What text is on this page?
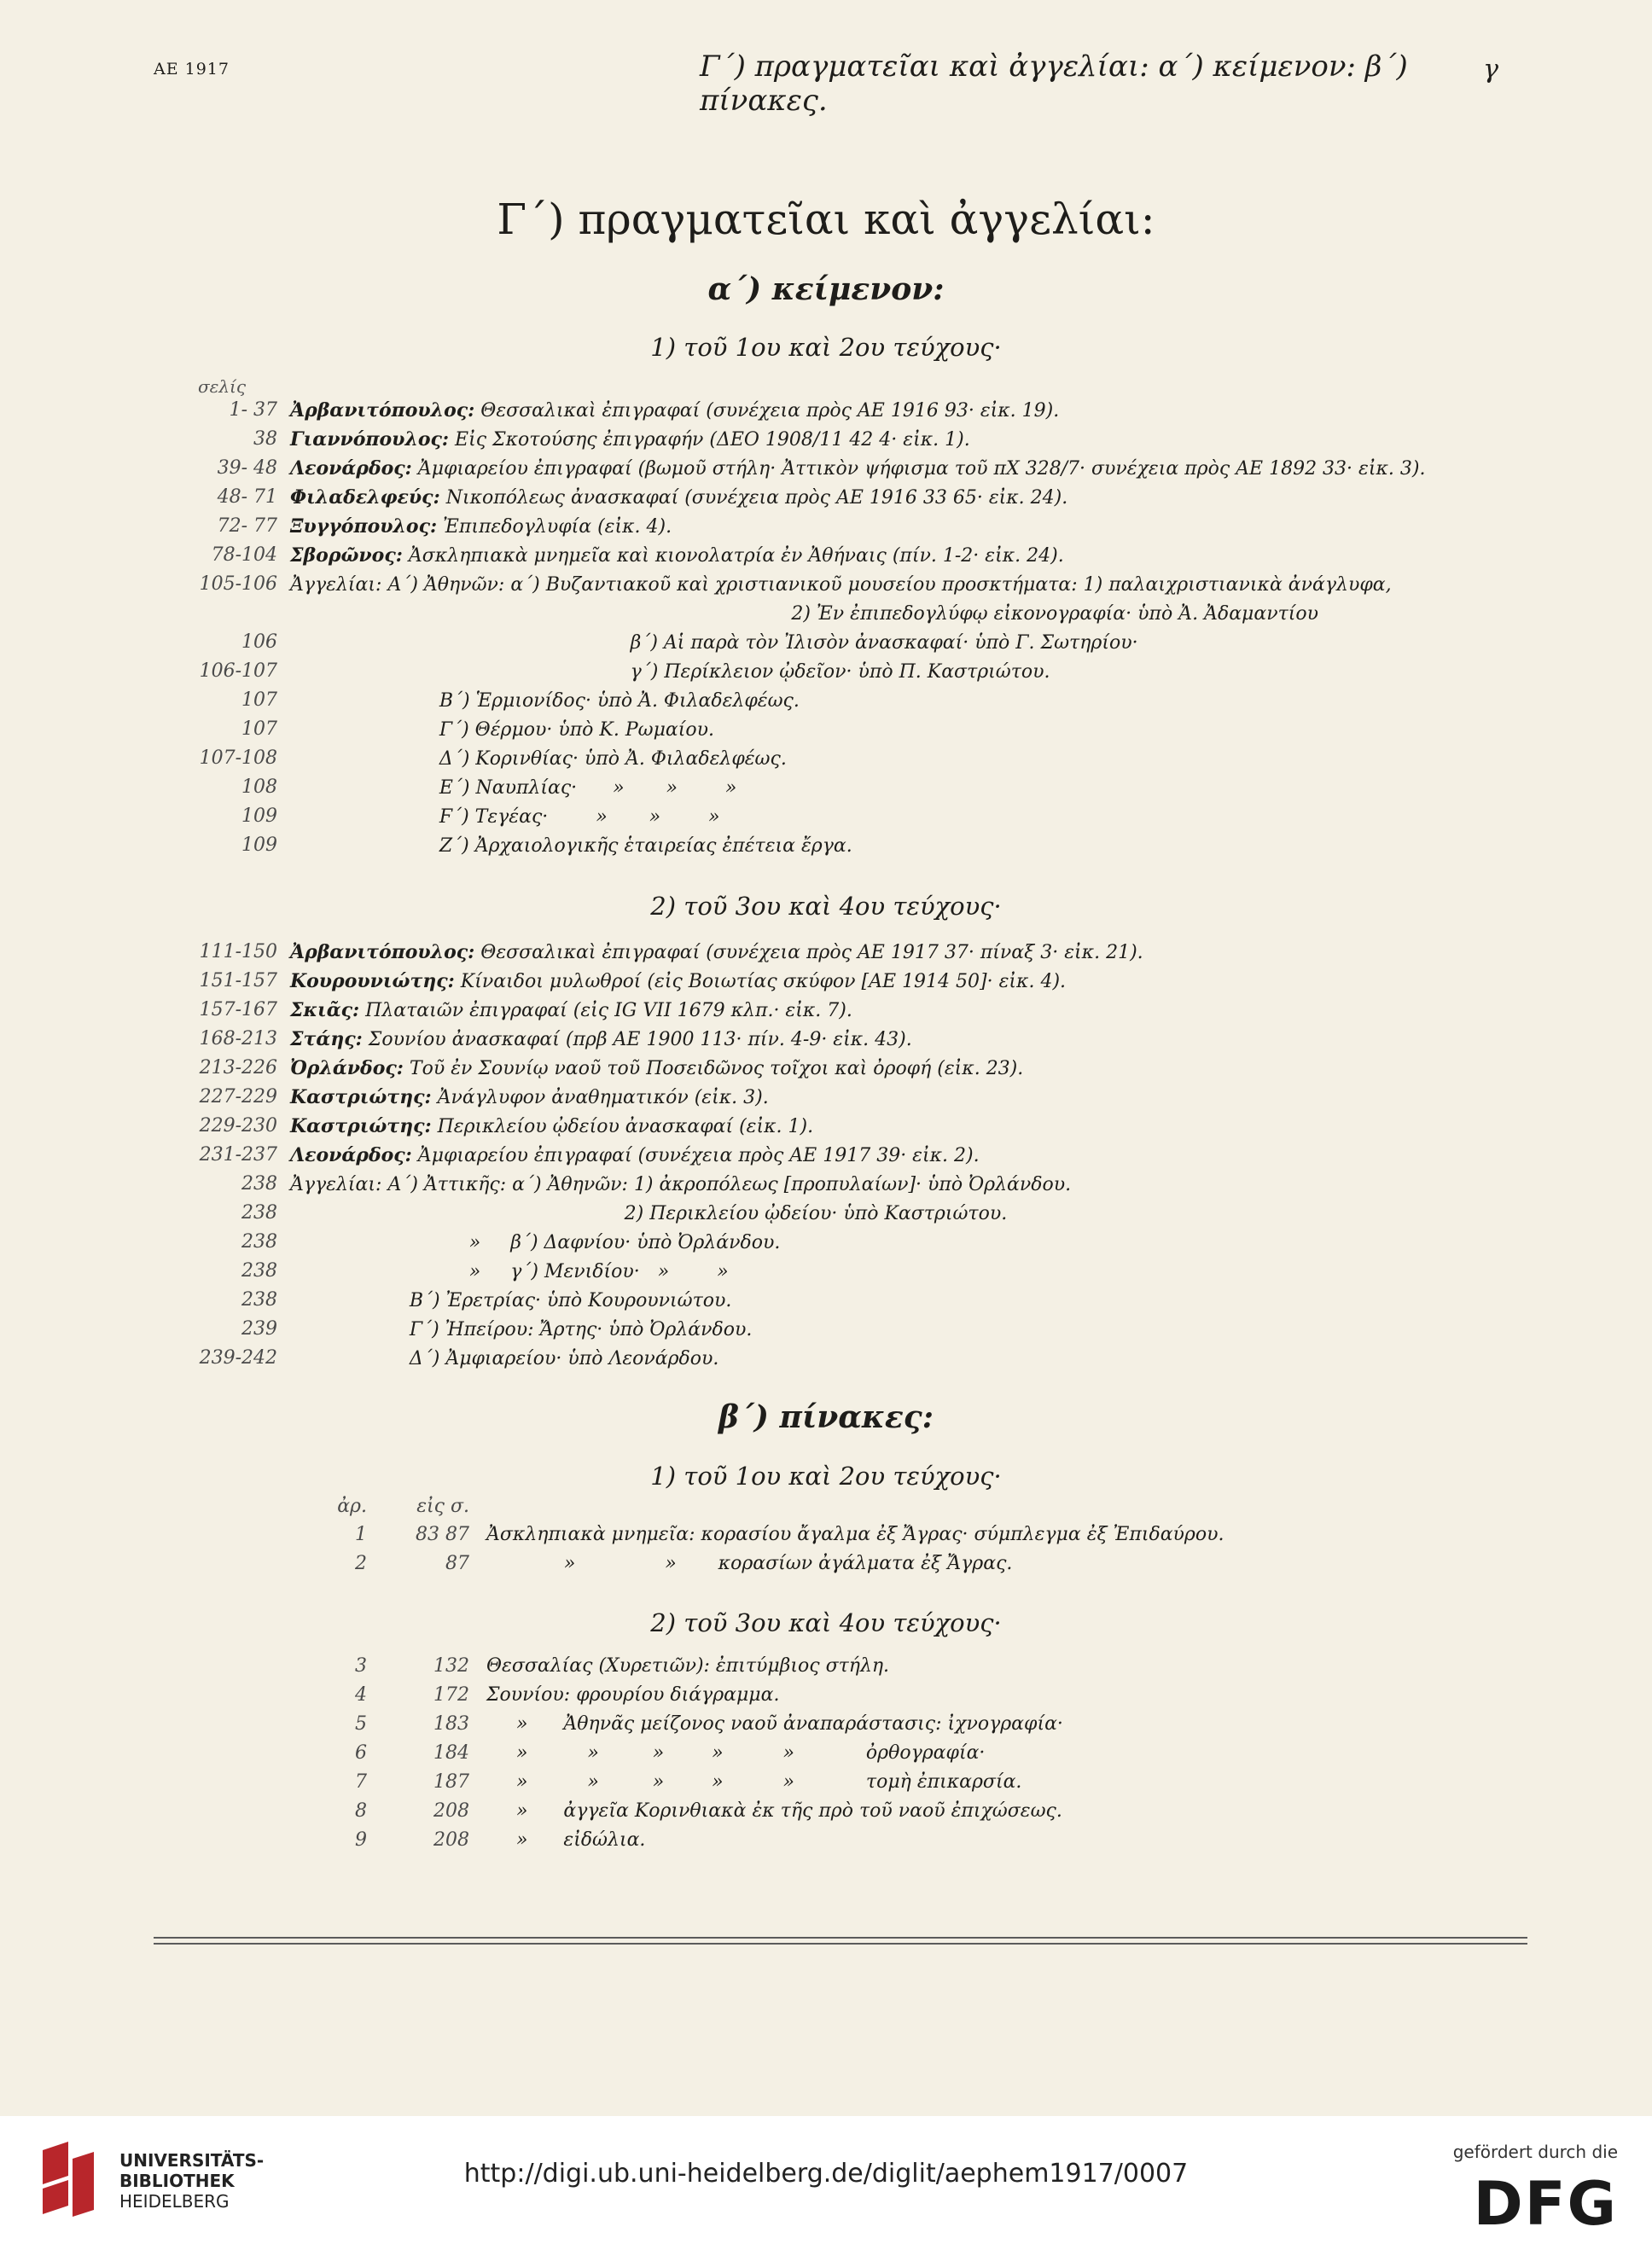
ΑΕ 1917	Γ΄) πραγματεῖαι καὶ ἀγγελίαι: α΄) κείμενον: β΄) πίνακες.
γ
Γ΄) πραγματεῖαι καὶ ἀγγελίαι:
α΄) κείμενον:
1) τοῦ 1ου καὶ 2ου τεύχους·
σελίς
1- 37 Ἀρβανιτόπουλος: Θεσσαλικαὶ ἐπιγραφαί (συνέχεια πρὸς ΑΕ 1916 93· εἰκ. 19).
38 Γιαννόπουλος: Εἰς Σκοτούσης ἐπιγραφήν (ΔΕΟ 1908/11 42 4· εἰκ. 1).
39- 48 Λεονάρδος: Ἀμφιαρείου ἐπιγραφαί (βωμοῦ στήλη· Ἀττικὸν ψήφισμα τοῦ πΧ 328/7· συνέχεια πρὸς ΑΕ 1892 33· εἰκ. 3).
48- 71 Φιλαδελφεύς: Νικοπόλεως ἀνασκαφαί (συνέχεια πρὸς ΑΕ 1916 33 65· εἰκ. 24).
72- 77 Ξυγγόπουλος: Ἐπιπεδογλυφία (εἰκ. 4).
78-104 Σβορῶνος: Ἀσκληπιακὰ μνημεῖα καὶ κιονολατρία ἐν Ἀθήναις (πίν. 1-2· εἰκ. 24).
105-106 Ἀγγελίαι: Α΄) Ἀθηνῶν: α΄) Βυζαντιακοῦ καὶ χριστιανικοῦ μουσείου προσκτήματα: 1) παλαιχριστιανικὰ ἀνάγλυφα,
2) Ἐν ἐπιπεδογλύφῳ εἰκονογραφία· ὑπὸ Ἀ. Ἀδαμαντίου
106 β΄) Αἱ παρὰ τὸν Ἰλισὸν ἀνασκαφαί· ὑπὸ Γ. Σωτηρίου·
106-107 γ΄) Περίκλειον ᾠδεῖον· ὑπὸ Π. Καστριώτου.
107 Β΄) Ἑρμιονίδος· ὑπὸ Ἀ. Φιλαδελφέως.
107 Γ΄) Θέρμου· ὑπὸ Κ. Ρωμαίου.
107-108 Δ΄) Κορινθίας· ὑπὸ Ἀ. Φιλαδελφέως.
108 Ε΄) Ναυπλίας·      »       »        »
109 Ϝ΄) Τεγέας·        »       »        »
109 Ζ΄) Ἀρχαιολογικῆς ἑταιρείας ἐπέτεια ἔργα.
2) τοῦ 3ου καὶ 4ου τεύχους·
111-150 Ἀρβανιτόπουλος: Θεσσαλικαὶ ἐπιγραφαί (συνέχεια πρὸς ΑΕ 1917 37· πίναξ 3· εἰκ. 21).
151-157 Κουρουνιώτης: Κίναιδοι μυλωθροί (εἰς Βοιωτίας σκύφον [ΑΕ 1914 50]· εἰκ. 4).
157-167 Σκιᾶς: Πλαταιῶν ἐπιγραφαί (εἰς IG VII 1679 κλπ.· εἰκ. 7).
168-213 Στάης: Σουνίου ἀνασκαφαί (πρβ ΑΕ 1900 113· πίν. 4-9· εἰκ. 43).
213-226 Ὀρλάνδος: Τοῦ ἐν Σουνίῳ ναοῦ τοῦ Ποσειδῶνος τοῖχοι καὶ ὀροφή (εἰκ. 23).
227-229 Καστριώτης: Ἀνάγλυφον ἀναθηματικόν (εἰκ. 3).
229-230 Καστριώτης: Περικλείου ᾠδείου ἀνασκαφαί (εἰκ. 1).
231-237 Λεονάρδος: Ἀμφιαρείου ἐπιγραφαί (συνέχεια πρὸς ΑΕ 1917 39· εἰκ. 2).
238 Ἀγγελίαι: Α΄) Ἀττικῆς: α΄) Ἀθηνῶν: 1) ἀκροπόλεως [προπυλαίων]· ὑπὸ Ὀρλάνδου.
238 2) Περικλείου ᾠδείου· ὑπὸ Καστριώτου.
238 »     β΄) Δαφνίου· ὑπὸ Ὀρλάνδου.
238 »     γ΄) Μενιδίου·   »        »
238 Β΄) Ἐρετρίας· ὑπὸ Κουρουνιώτου.
239 Γ΄) Ἠπείρου: Ἄρτης· ὑπὸ Ὀρλάνδου.
239-242 Δ΄) Ἀμφιαρείου· ὑπὸ Λεονάρδου.
β΄) πίνακες:
1) τοῦ 1ου καὶ 2ου τεύχους·
ἀρ.	εἰς σ.
1	83 87 Ἀσκληπιακὰ μνημεῖα: κορασίου ἄγαλμα ἐξ Ἄγρας· σύμπλεγμα ἐξ Ἐπιδαύρου.
2	87 »               »       κορασίων ἀγάλματα ἐξ Ἄγρας.
2) τοῦ 3ου καὶ 4ου τεύχους·
3	132 Θεσσαλίας (Χυρετιῶν): ἐπιτύμβιος στήλη.
4	172 Σουνίου: φρουρίου διάγραμμα.
5	183 »      Ἀθηνᾶς μείζονος ναοῦ ἀναπαράστασις: ἰχνογραφία·
6	184 »          »         »        »          »            ὀρθογραφία·
7	187 »          »         »        »          »            τομὴ ἐπικαρσία.
8	208 »      ἀγγεῖα Κορινθιακὰ ἐκ τῆς πρὸ τοῦ ναοῦ ἐπιχώσεως.
9	208 »      εἰδώλια.
UNIVERSITÄTS-
BIBLIOTHEK
HEIDELBERG
http://digi.ub.uni-heidelberg.de/diglit/aephem1917/0007
gefördert durch die
DFG
